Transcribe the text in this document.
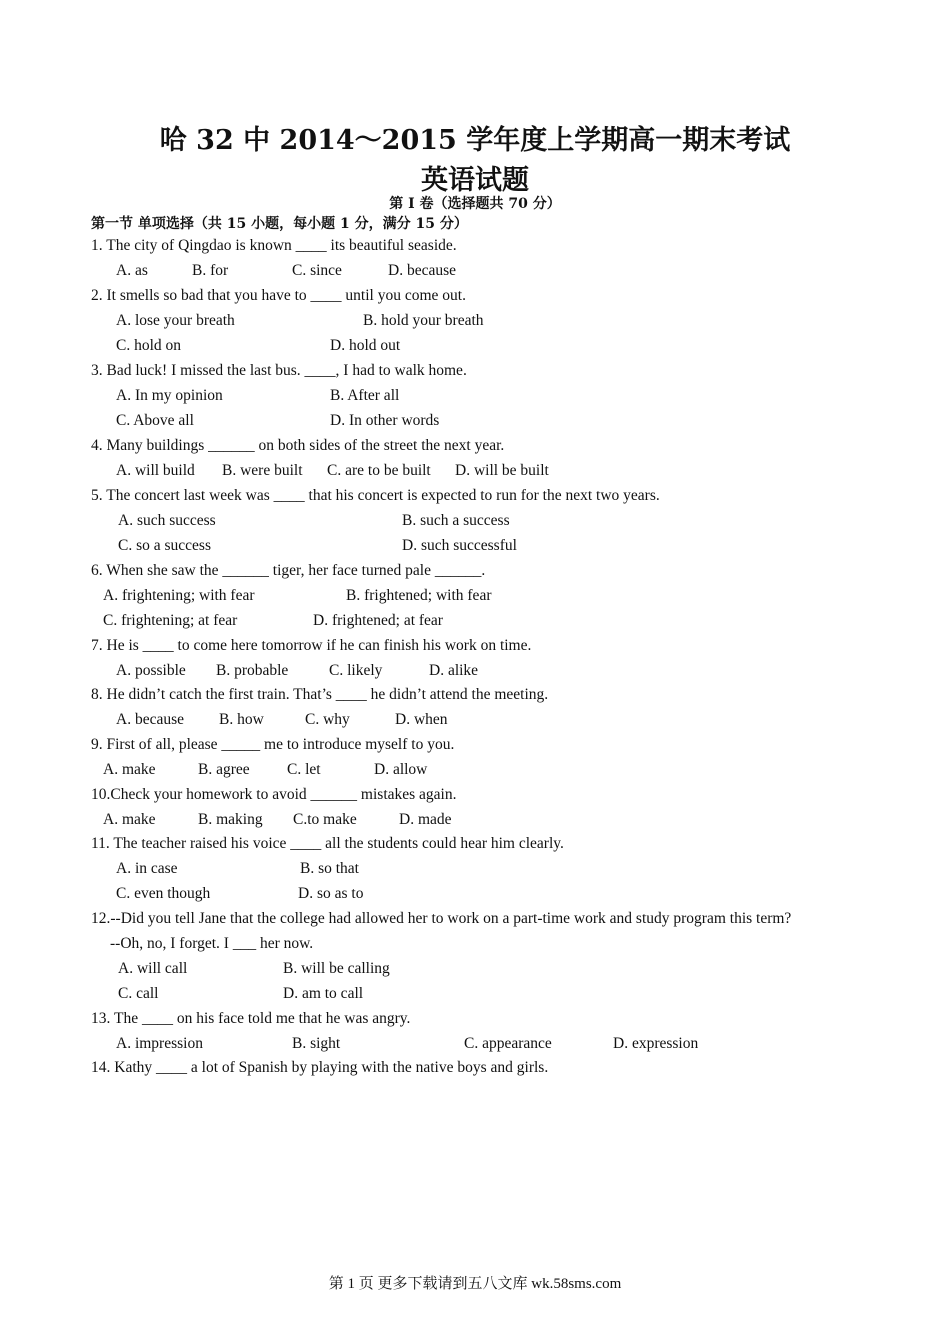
哈 32 中 2014～2015 学年度上学期高一期末考试
英语试题
第 I 卷（选择题共 70 分）
第一节 单项选择（共 15 小题，每小题 1 分，满分 15 分）
1. The city of Qingdao is known ____ its beautiful seaside.
A. as	B. for	C. since	D. because
2. It smells so bad that you have to ____ until you come out.
A. lose your breath	B. hold your breath
C. hold on	D. hold out
3. Bad luck! I missed the last bus. ____, I had to walk home.
A. In my opinion	B. After all
C. Above all	D. In other words
4. Many buildings ______ on both sides of the street the next year.
A. will build B. were built C. are to be built D. will be built
5. The concert last week was ____ that his concert is expected to run for the next two years.
A. such success	B. such a success
C. so a success	D. such successful
6. When she saw the ______ tiger, her face turned pale ______.
A. frightening; with fear	B. frightened; with fear
C. frightening; at fear	D. frightened; at fear
7. He is ____ to come here tomorrow if he can finish his work on time.
A. possible B. probable	C. likely	D. alike
8. He didn’t catch the first train. That’s ____ he didn’t attend the meeting.
A. because B. how	C. why	D. when
9. First of all, please _____ me to introduce myself to you.
A. make	B. agree C. let	D. allow
10.Check your homework to avoid ______ mistakes again.
A. make	B. making C.to make	D. made
11. The teacher raised his voice ____ all the students could hear him clearly.
A. in case	B. so that
C. even though	D. so as to
12.--Did you tell Jane that the college had allowed her to work on a part-time work and study program this term?
--Oh, no, I forget. I ___ her now.
A. will call	B. will be calling
C. call	D. am to call
13. The ____ on his face told me that he was angry.
A. impression	B. sight	C. appearance	D. expression
14. Kathy ____ a lot of Spanish by playing with the native boys and girls.
第 1 页 更多下载请到五八文库 wk.58sms.com
